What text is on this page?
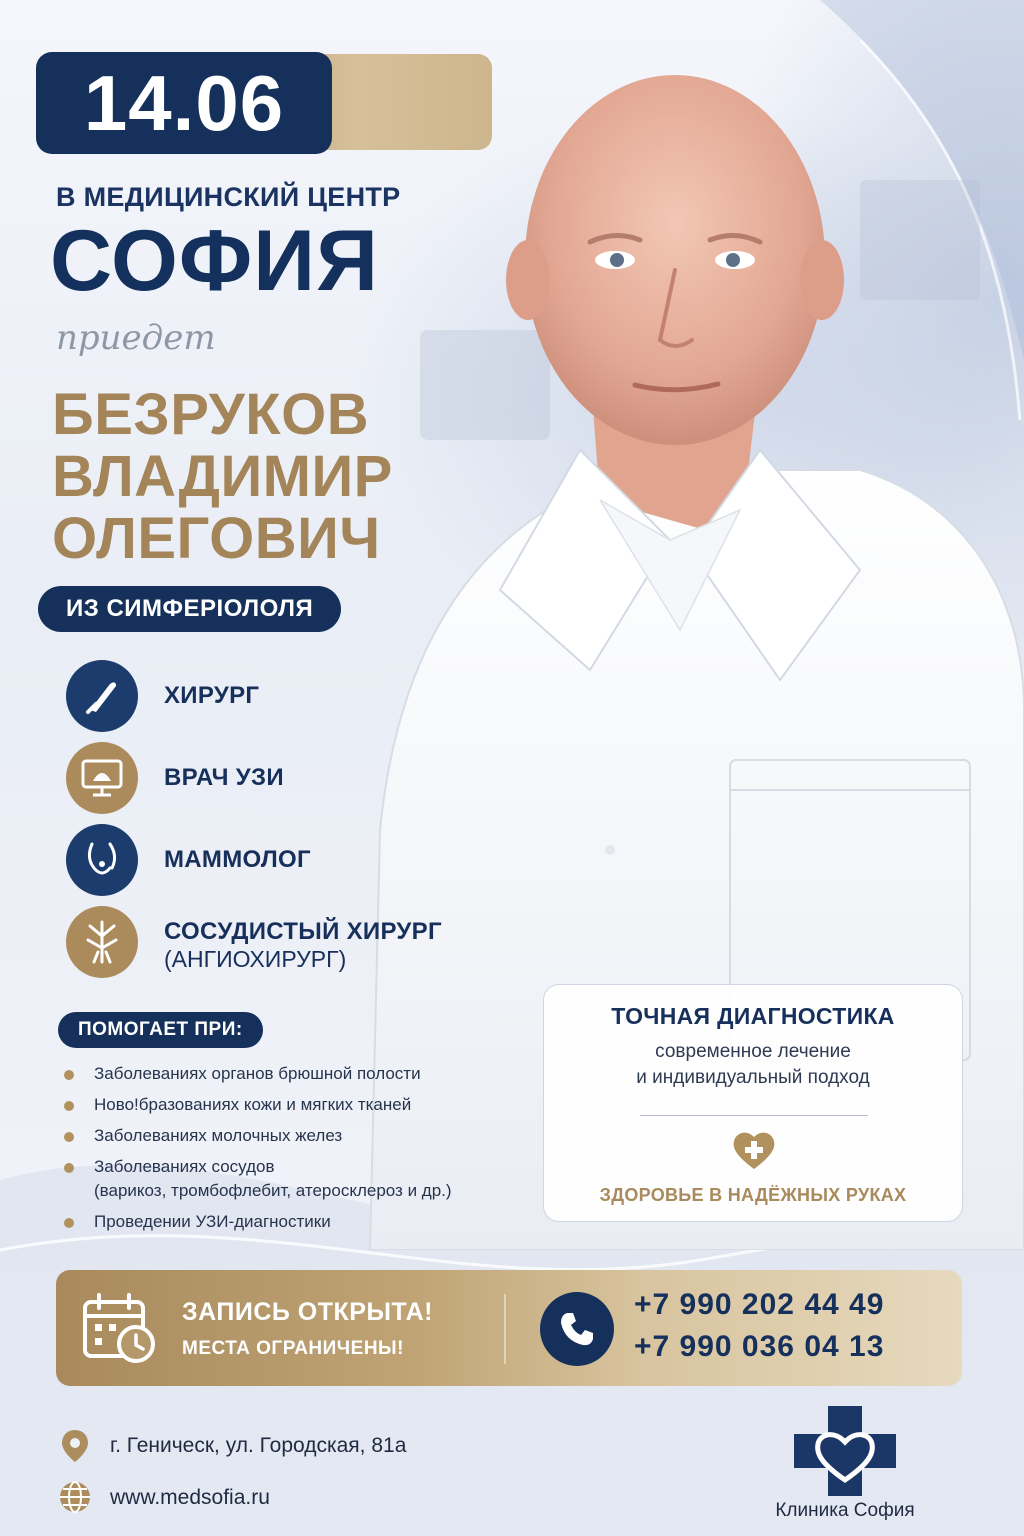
14.06
В МЕДИЦИНСКИЙ ЦЕНТР
СОФИЯ
приедет
БЕЗРУКОВ
ВЛАДИМИР
ОЛЕГОВИЧ
ИЗ СИМФЕРIОЛОЛЯ
ХИРУРГ
ВРАЧ УЗИ
МАММОЛОГ
СОСУДИСТЫЙ ХИРУРГ
(АНГИОХИРУРГ)
ПОМОГАЕТ ПРИ:
Заболеваниях органов брюшной полости
Ново!бразованиях кожи и мягких тканей
Заболеваниях молочных желез
Заболеваниях сосудов
(варикоз, тромбофлебит, атеросклероз и др.)
Проведении УЗИ-диагностики
ТОЧНАЯ ДИАГНОСТИКА
современное лечение
и индивидуальный подход
ЗДОРОВЬЕ В НАДЁЖНЫХ РУКАХ
ЗАПИСЬ ОТКРЫТА!
МЕСТА ОГРАНИЧЕНЫ!
+7 990 202 44 49
+7 990 036 04 13
г. Геническ, ул. Городская, 81а
www.medsofia.ru
Клиника София
